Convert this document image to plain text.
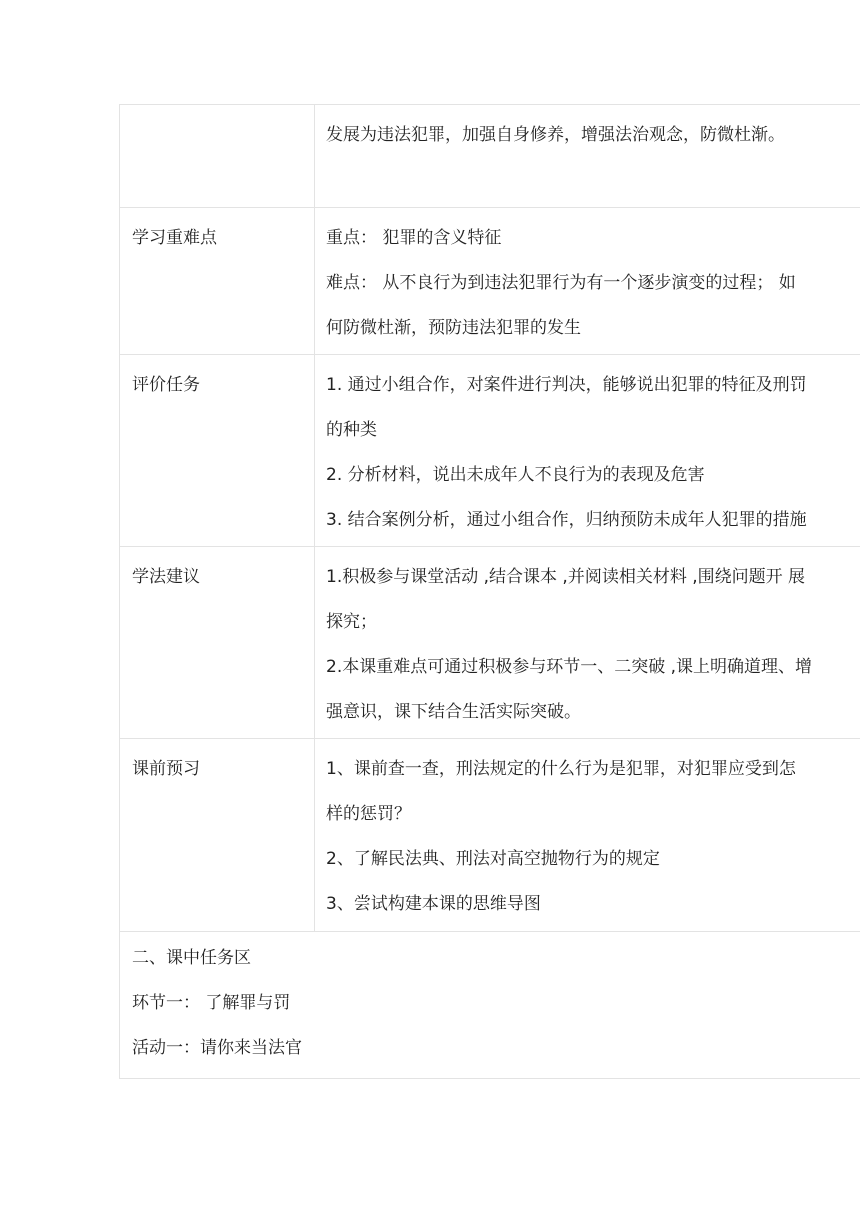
	发展为违法犯罪，加强自身修养，增强法治观念，防微杜渐。

学习重难点	重点： 犯罪的含义特征
难点： 从不良行为到违法犯罪行为有一个逐步演变的过程； 如
何防微杜渐，预防违法犯罪的发生

评价任务	1. 通过小组合作，对案件进行判决，能够说出犯罪的特征及刑罚
的种类
2. 分析材料，说出未成年人不良行为的表现及危害
3. 结合案例分析，通过小组合作，归纳预防未成年人犯罪的措施

学法建议	1.积极参与课堂活动 ,结合课本 ,并阅读相关材料 ,围绕问题开 展
探究；
2.本课重难点可通过积极参与环节一、二突破 ,课上明确道理、增
强意识，课下结合生活实际突破。

课前预习	1、课前查一查，刑法规定的什么行为是犯罪，对犯罪应受到怎
样的惩罚？
2、了解民法典、刑法对高空抛物行为的规定
3、尝试构建本课的思维导图

二、课中任务区
环节一： 了解罪与罚
活动一：请你来当法官	
